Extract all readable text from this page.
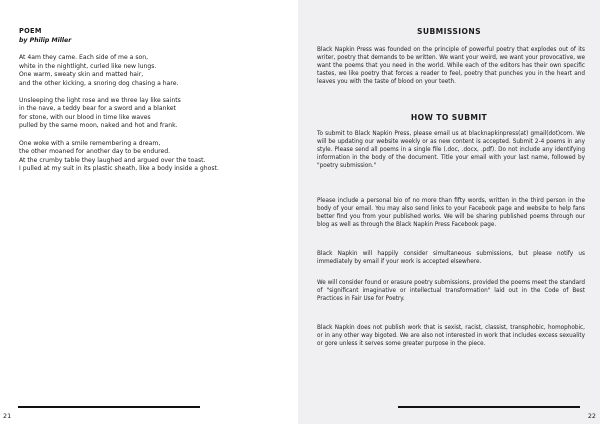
POEM

by Philip Miller

At 4am they came. Each side of me a son,

white in the nightlight, curled like new lungs.

One warm, sweaty skin and matted hair,

and the other kicking, a snoring dog chasing a hare.

Unsleeping the light rose and we three lay like saints

in the nave, a teddy bear for a sword and a blanket

for stone, with our blood in time like waves

pulled by the same moon, naked and hot and frank.

One woke with a smile remembering a dream,

the other moaned for another day to be endured.

At the crumby table they laughed and argued over the toast.

I pulled at my suit in its plastic sheath, like a body inside a ghost.

21

SUBMISSIONS

Black Napkin Press was founded on the principle of powerful poetry that explodes out of its writer, poetry that demands to be written. We want your weird, we want your provocative, we want the poems that you need in the world. While each of the editors has their own specific tastes, we like poetry that forces a reader to feel, poetry that punches you in the heart and leaves you with the taste of blood on your teeth.

HOW TO SUBMIT

To submit to Black Napkin Press, please email us at blacknapkinpress(at) gmail(dot)com. We will be updating our website weekly or as new content is accepted. Submit 2-4 poems in any style. Please send all poems in a single file (.doc, .docx, .pdf). Do not include any identifying information in the body of the document. Title your email with your last name, followed by "poetry submission."

Please include a personal bio of no more than fifty words, written in the third person in the body of your email. You may also send links to your Facebook page and website to help fans better find you from your published works. We will be sharing published poems through our blog as well as through the Black Napkin Press Facebook page.

Black Napkin will happily consider simultaneous submissions, but please notify us immediately by email if your work is accepted elsewhere.

We will consider found or erasure poetry submissions, provided the poems meet the standard of "significant imaginative or intellectual transformation" laid out in the Code of Best Practices in Fair Use for Poetry.

Black Napkin does not publish work that is sexist, racist, classist, transphobic, homophobic, or in any other way bigoted. We are also not interested in work that includes excess sexuality or gore unless it serves some greater purpose in the piece.

22
